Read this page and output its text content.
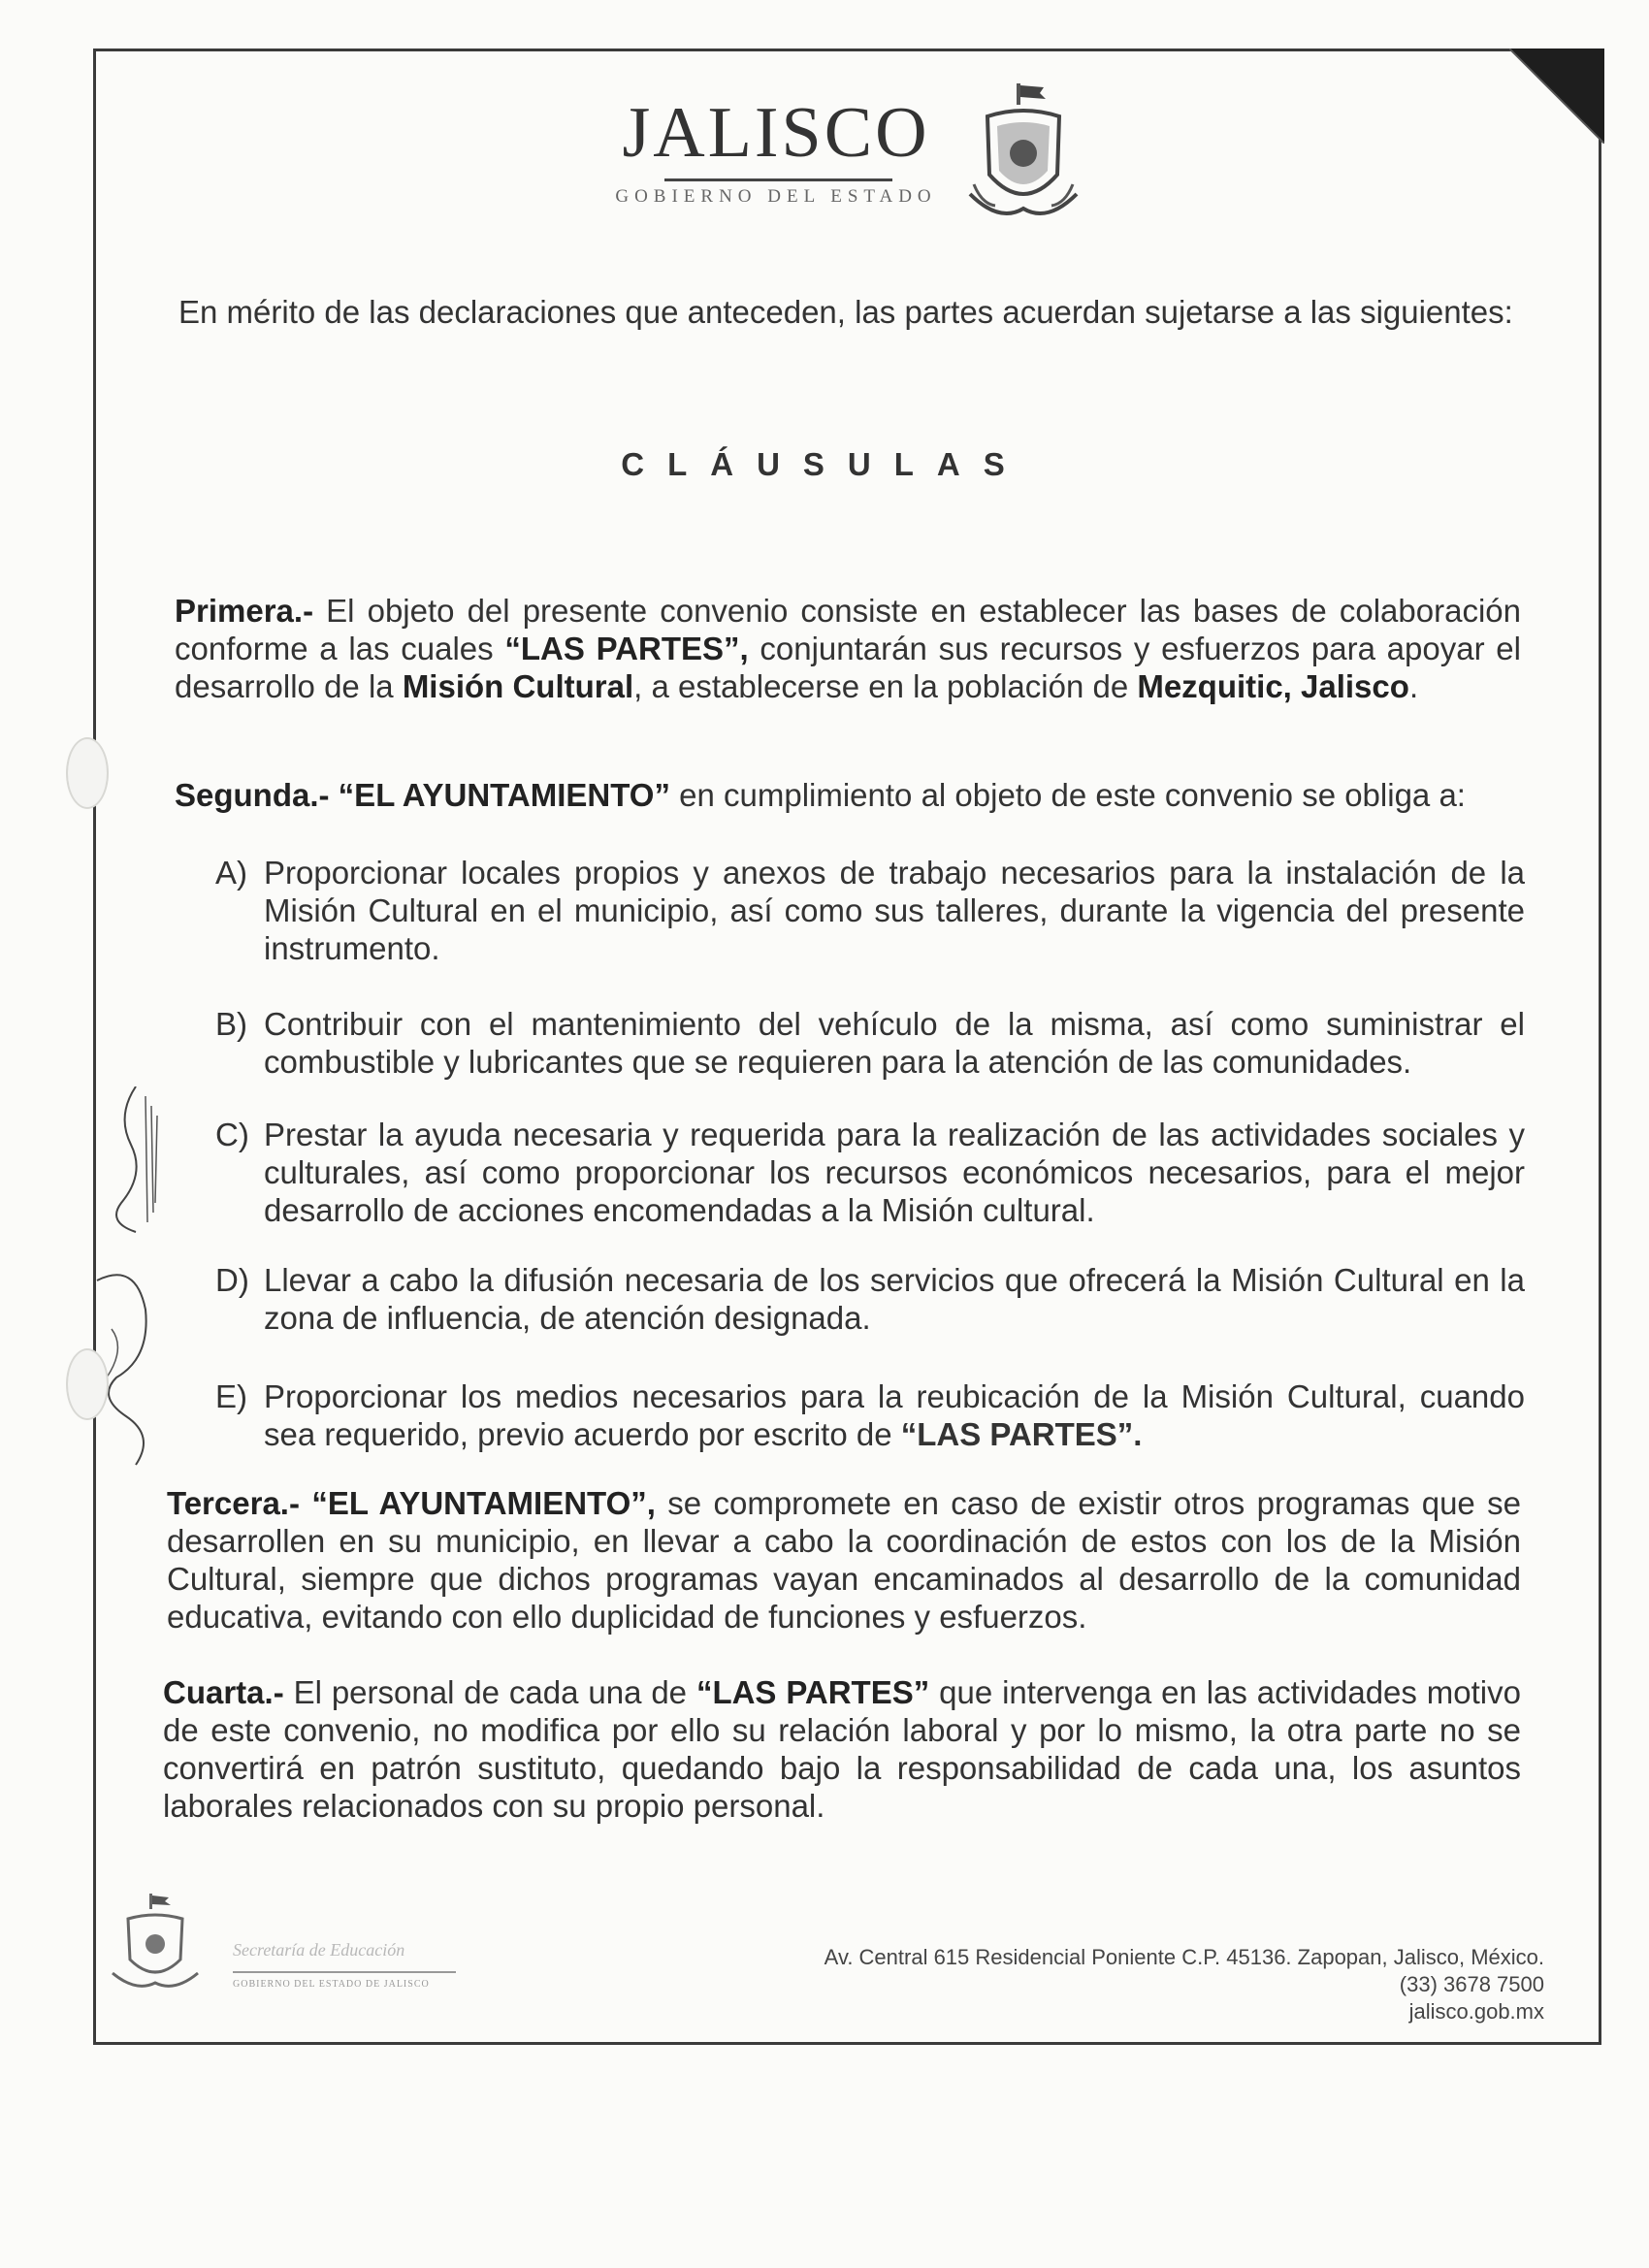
JALISCO
GOBIERNO DEL ESTADO
En mérito de las declaraciones que anteceden, las partes acuerdan sujetarse a las siguientes:
CLÁUSULAS
Primera.- El objeto del presente convenio consiste en establecer las bases de colaboración conforme a las cuales “LAS PARTES”, conjuntarán sus recursos y esfuerzos para apoyar el desarrollo de la Misión Cultural, a establecerse en la población de Mezquitic, Jalisco.
Segunda.- “EL AYUNTAMIENTO” en cumplimiento al objeto de este convenio se obliga a:
A) Proporcionar locales propios y anexos de trabajo necesarios para la instalación de la Misión Cultural en el municipio, así como sus talleres, durante la vigencia del presente instrumento.
B) Contribuir con el mantenimiento del vehículo de la misma, así como suministrar el combustible y lubricantes que se requieren para la atención de las comunidades.
C) Prestar la ayuda necesaria y requerida para la realización de las actividades sociales y culturales, así como proporcionar los recursos económicos necesarios, para el mejor desarrollo de acciones encomendadas a la Misión cultural.
D) Llevar a cabo la difusión necesaria de los servicios que ofrecerá la Misión Cultural en la zona de influencia, de atención designada.
E) Proporcionar los medios necesarios para la reubicación de la Misión Cultural, cuando sea requerido, previo acuerdo por escrito de “LAS PARTES”.
Tercera.- “EL AYUNTAMIENTO”, se compromete en caso de existir otros programas que se desarrollen en su municipio, en llevar a cabo la coordinación de estos con los de la Misión Cultural, siempre que dichos programas vayan encaminados al desarrollo de la comunidad educativa, evitando con ello duplicidad de funciones y esfuerzos.
Cuarta.- El personal de cada una de “LAS PARTES” que intervenga en las actividades motivo de este convenio, no modifica por ello su relación laboral y por lo mismo, la otra parte no se convertirá en patrón sustituto, quedando bajo la responsabilidad de cada una, los asuntos laborales relacionados con su propio personal.
Secretaría de Educación
GOBIERNO DEL ESTADO DE JALISCO
Av. Central 615 Residencial Poniente C.P. 45136. Zapopan, Jalisco, México.
(33) 3678 7500
jalisco.gob.mx
